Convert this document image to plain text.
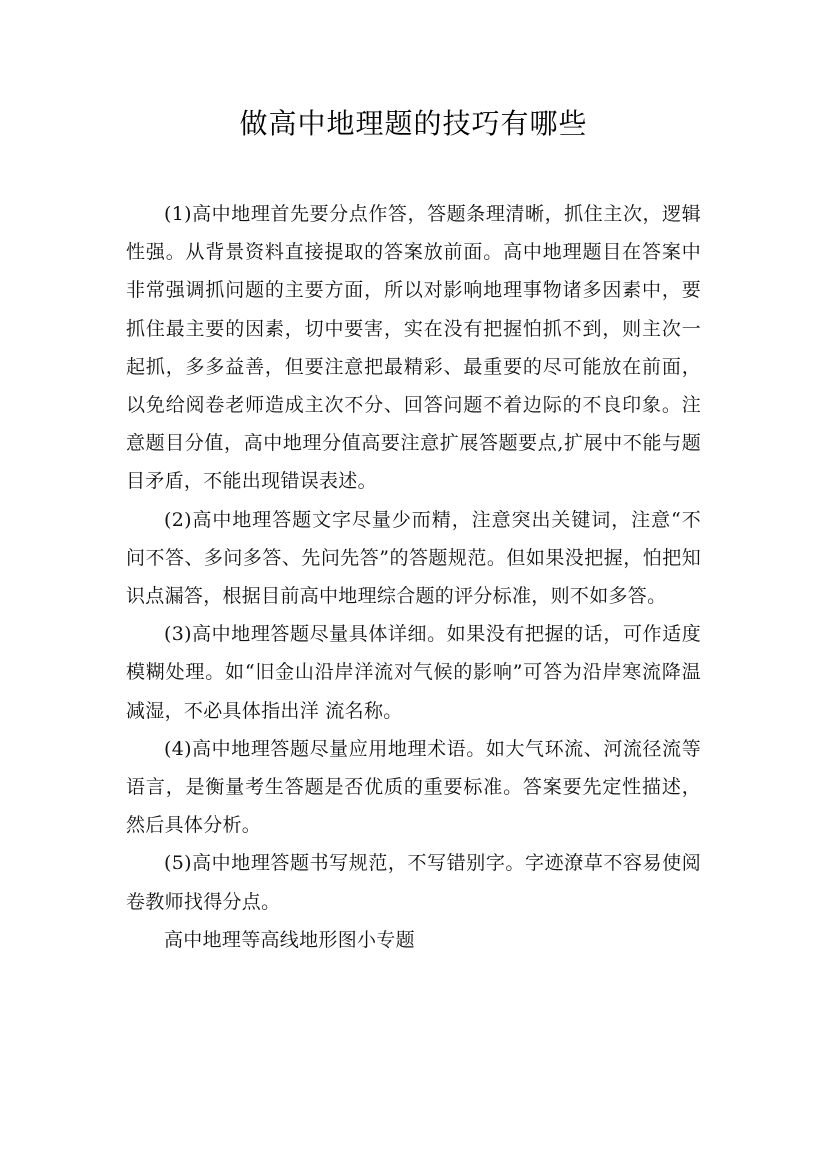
做高中地理题的技巧有哪些

(1)高中地理首先要分点作答，答题条理清晰，抓住主次，逻辑性强。从背景资料直接提取的答案放前面。高中地理题目在答案中非常强调抓问题的主要方面，所以对影响地理事物诸多因素中，要抓住最主要的因素，切中要害，实在没有把握怕抓不到，则主次一起抓，多多益善，但要注意把最精彩、最重要的尽可能放在前面，以免给阅卷老师造成主次不分、回答问题不着边际的不良印象。注意题目分值，高中地理分值高要注意扩展答题要点,扩展中不能与题目矛盾，不能出现错误表述。

(2)高中地理答题文字尽量少而精，注意突出关键词，注意“不问不答、多问多答、先问先答”的答题规范。但如果没把握，怕把知识点漏答，根据目前高中地理综合题的评分标准，则不如多答。

(3)高中地理答题尽量具体详细。如果没有把握的话，可作适度模糊处理。如“旧金山沿岸洋流对气候的影响”可答为沿岸寒流降温减湿，不必具体指出洋 流名称。

(4)高中地理答题尽量应用地理术语。如大气环流、河流径流等语言，是衡量考生答题是否优质的重要标准。答案要先定性描述，然后具体分析。

(5)高中地理答题书写规范，不写错别字。字迹潦草不容易使阅卷教师找得分点。

高中地理等高线地形图小专题
